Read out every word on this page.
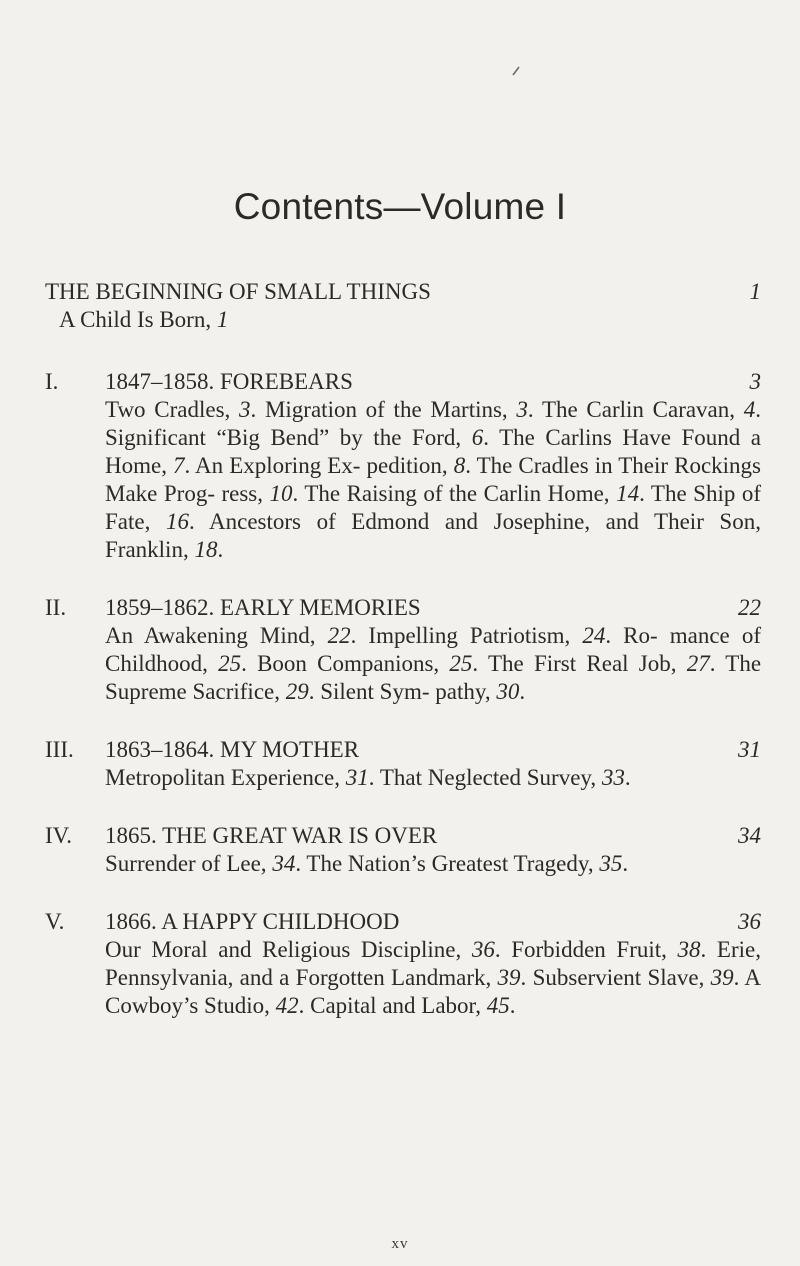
Contents—Volume I
THE BEGINNING OF SMALL THINGS	1
A Child Is Born, 1
I. 1847–1858. FOREBEARS	3
Two Cradles, 3. Migration of the Martins, 3. The Carlin Caravan, 4. Significant “Big Bend” by the Ford, 6. The Carlins Have Found a Home, 7. An Exploring Ex- pedition, 8. The Cradles in Their Rockings Make Prog- ress, 10. The Raising of the Carlin Home, 14. The Ship of Fate, 16. Ancestors of Edmond and Josephine, and Their Son, Franklin, 18.
II. 1859–1862. EARLY MEMORIES	22
An Awakening Mind, 22. Impelling Patriotism, 24. Ro- mance of Childhood, 25. Boon Companions, 25. The First Real Job, 27. The Supreme Sacrifice, 29. Silent Sym- pathy, 30.
III. 1863–1864. MY MOTHER	31
Metropolitan Experience, 31. That Neglected Survey, 33.
IV. 1865. THE GREAT WAR IS OVER	34
Surrender of Lee, 34. The Nation’s Greatest Tragedy, 35.
V. 1866. A HAPPY CHILDHOOD	36
Our Moral and Religious Discipline, 36. Forbidden Fruit, 38. Erie, Pennsylvania, and a Forgotten Landmark, 39. Subservient Slave, 39. A Cowboy’s Studio, 42. Capital and Labor, 45.
xv
